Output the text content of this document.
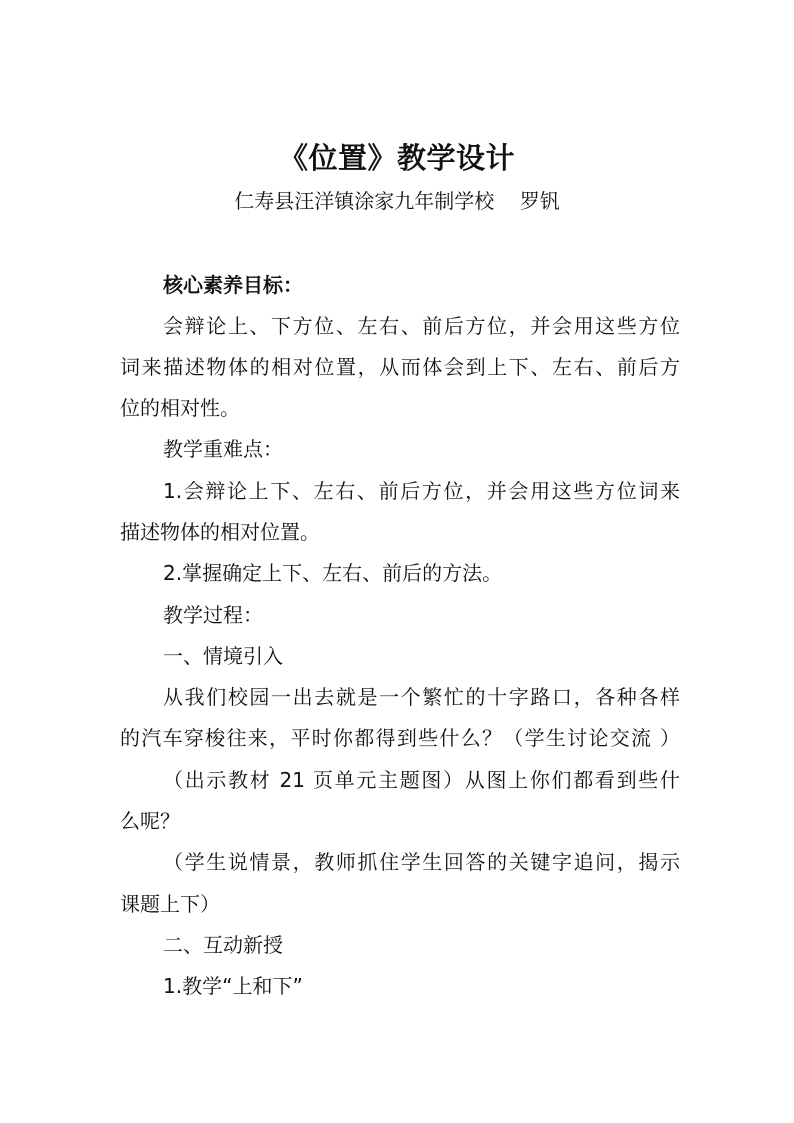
《位置》教学设计
仁寿县汪洋镇涂家九年制学校    罗钒
核心素养目标：
会辩论上、下方位、左右、前后方位，并会用这些方位
词来描述物体的相对位置，从而体会到上下、左右、前后方
位的相对性。
教学重难点：
1.会辩论上下、左右、前后方位，并会用这些方位词来
描述物体的相对位置。
2.掌握确定上下、左右、前后的方法。
教学过程：
一、情境引入
从我们校园一出去就是一个繁忙的十字路口，各种各样
的汽车穿梭往来，平时你都得到些什么？（学生讨论交流 ）
（出示教材 21 页单元主题图）从图上你们都看到些什
么呢？
（学生说情景，教师抓住学生回答的关键字追问，揭示
课题上下）
二、互动新授
1.教学“上和下”
